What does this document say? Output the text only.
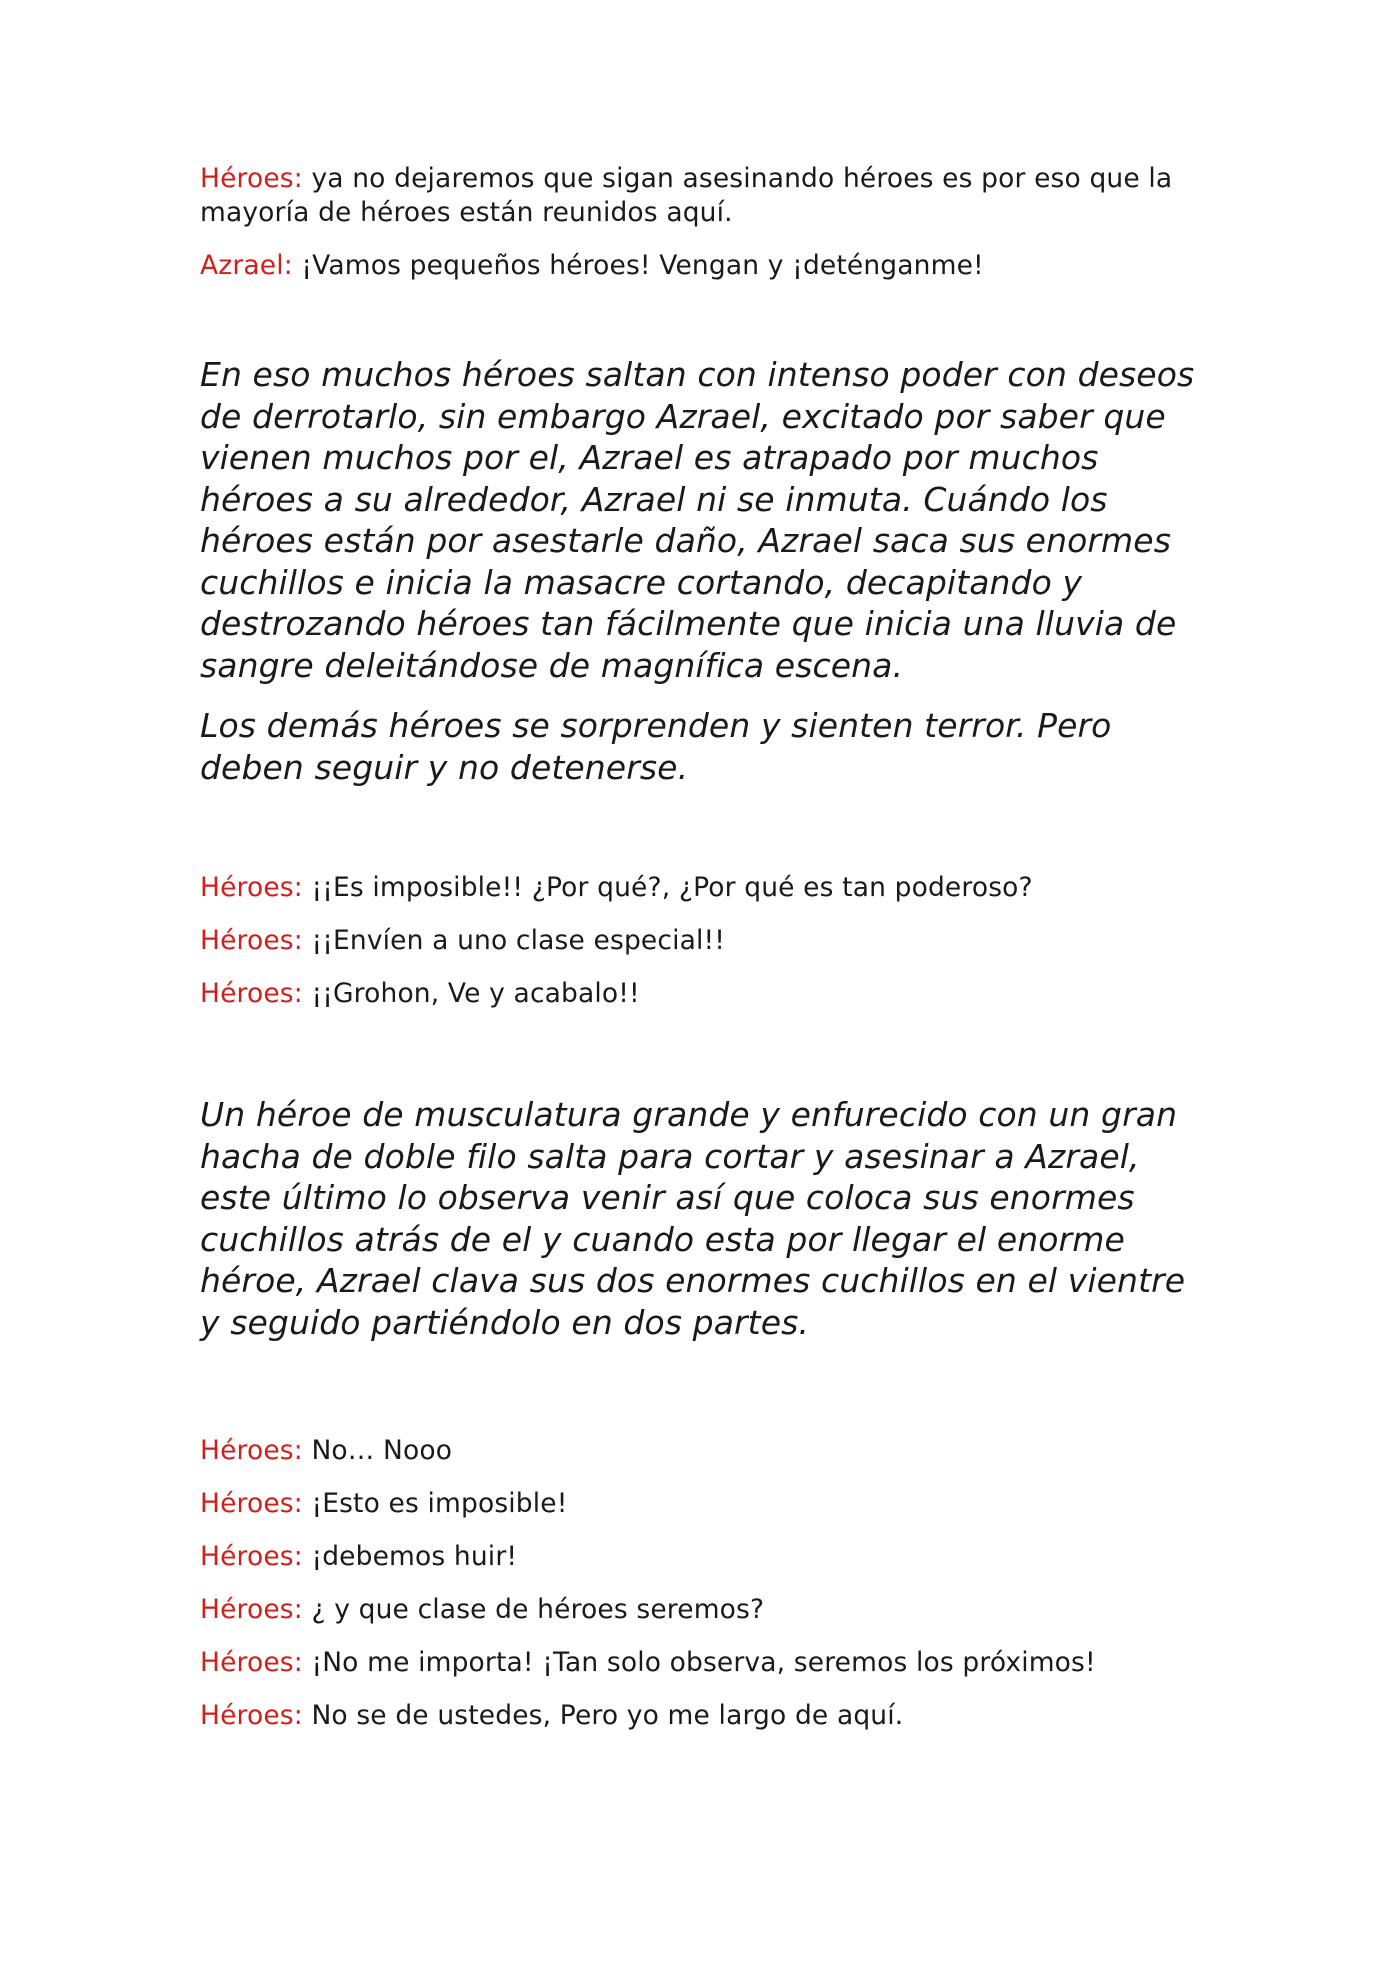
Héroes: ya no dejaremos que sigan asesinando héroes es por eso que la mayoría de héroes están reunidos aquí.

Azrael: ¡Vamos pequeños héroes! Vengan y ¡deténganme!

En eso muchos héroes saltan con intenso poder con deseos de derrotarlo, sin embargo Azrael, excitado por saber que vienen muchos por el, Azrael es atrapado por muchos héroes a su alrededor, Azrael ni se inmuta. Cuándo los héroes están por asestarle daño, Azrael saca sus enormes cuchillos e inicia la masacre cortando, decapitando y destrozando héroes tan fácilmente que inicia una lluvia de sangre deleitándose de magnífica escena.

Los demás héroes se sorprenden y sienten terror. Pero deben seguir y no detenerse.

Héroes: ¡¡Es imposible!! ¿Por qué?, ¿Por qué es tan poderoso?

Héroes: ¡¡Envíen a uno clase especial!!

Héroes: ¡¡Grohon, Ve y acabalo!!

Un héroe de musculatura grande y enfurecido con un gran hacha de doble filo salta para cortar y asesinar a Azrael, este último lo observa venir así que coloca sus enormes cuchillos atrás de el y cuando esta por llegar el enorme héroe, Azrael clava sus dos enormes cuchillos en el vientre y seguido partiéndolo en dos partes.

Héroes: No… Nooo

Héroes: ¡Esto es imposible!

Héroes: ¡debemos huir!

Héroes: ¿ y que clase de héroes seremos?

Héroes: ¡No me importa! ¡Tan solo observa, seremos los próximos!

Héroes: No se de ustedes, Pero yo me largo de aquí.
